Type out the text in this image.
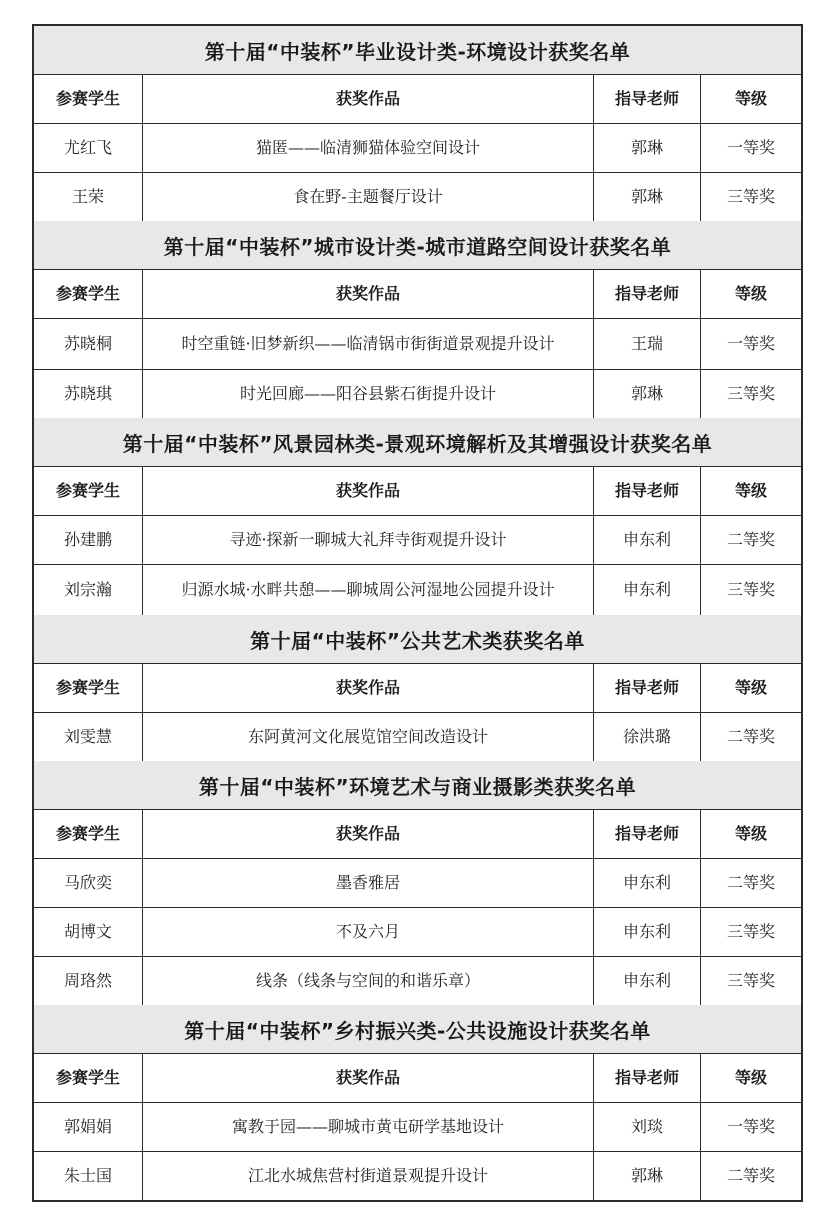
第十届“中装杯”毕业设计类-环境设计获奖名单
参赛学生	获奖作品	指导老师	等级
尤红飞	猫匿——临清狮猫体验空间设计	郭琳	一等奖
王荣	食在野-主题餐厅设计	郭琳	三等奖
第十届“中装杯”城市设计类-城市道路空间设计获奖名单
参赛学生	获奖作品	指导老师	等级
苏晓桐	时空重链·旧梦新织——临清锅市街街道景观提升设计	王瑞	一等奖
苏晓琪	时光回廊——阳谷县紫石街提升设计	郭琳	三等奖
第十届“中装杯”风景园林类-景观环境解析及其增强设计获奖名单
参赛学生	获奖作品	指导老师	等级
孙建鹏	寻迹·探新一聊城大礼拜寺街观提升设计	申东利	二等奖
刘宗瀚	归源水城·水畔共憩——聊城周公河湿地公园提升设计	申东利	三等奖
第十届“中装杯”公共艺术类获奖名单
参赛学生	获奖作品	指导老师	等级
刘雯慧	东阿黄河文化展览馆空间改造设计	徐洪璐	二等奖
第十届“中装杯”环境艺术与商业摄影类获奖名单
参赛学生	获奖作品	指导老师	等级
马欣奕	墨香雅居	申东利	二等奖
胡博文	不及六月	申东利	三等奖
周珞然	线条（线条与空间的和谐乐章）	申东利	三等奖
第十届“中装杯”乡村振兴类-公共设施设计获奖名单
参赛学生	获奖作品	指导老师	等级
郭娟娟	寓教于园——聊城市黄屯研学基地设计	刘琰	一等奖
朱士国	江北水城焦营村街道景观提升设计	郭琳	二等奖
